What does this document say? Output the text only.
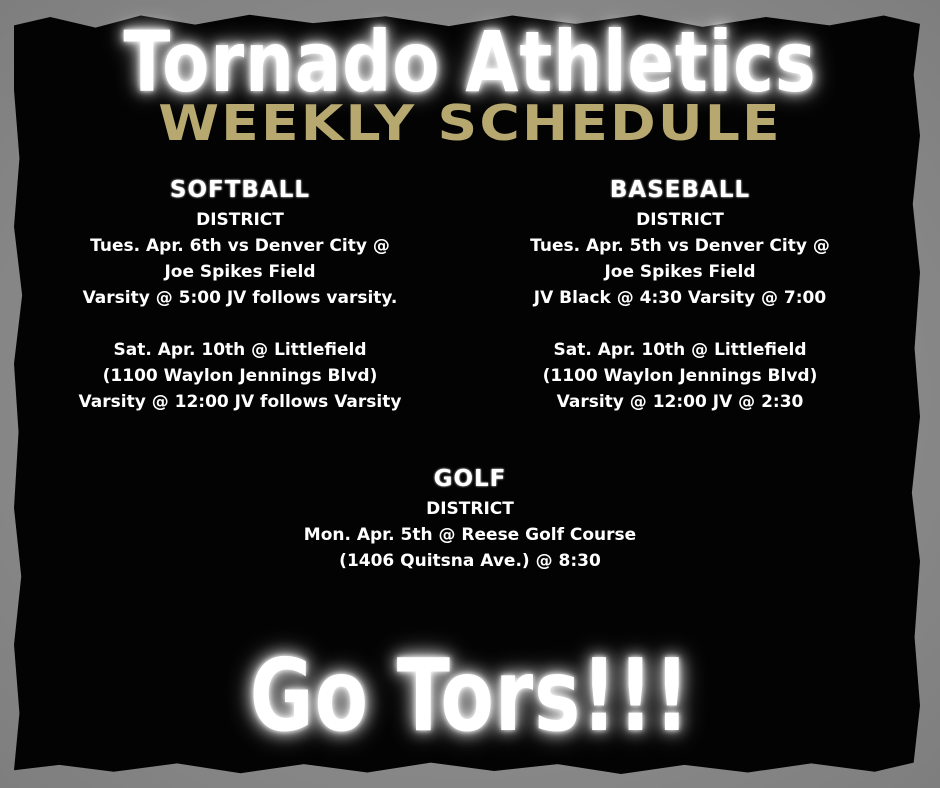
Tornado Athletics
WEEKLY SCHEDULE
SOFTBALL
DISTRICT
Tues. Apr. 6th vs Denver City @
Joe Spikes Field
Varsity @ 5:00 JV follows varsity.
Sat. Apr. 10th @ Littlefield
(1100 Waylon Jennings Blvd)
Varsity @ 12:00 JV follows Varsity
BASEBALL
DISTRICT
Tues. Apr. 5th vs Denver City @
Joe Spikes Field
JV Black @ 4:30 Varsity @ 7:00
Sat. Apr. 10th @ Littlefield
(1100 Waylon Jennings Blvd)
Varsity @ 12:00 JV @ 2:30
GOLF
DISTRICT
Mon. Apr. 5th @ Reese Golf Course
(1406 Quitsna Ave.) @ 8:30
Go Tors!!!
